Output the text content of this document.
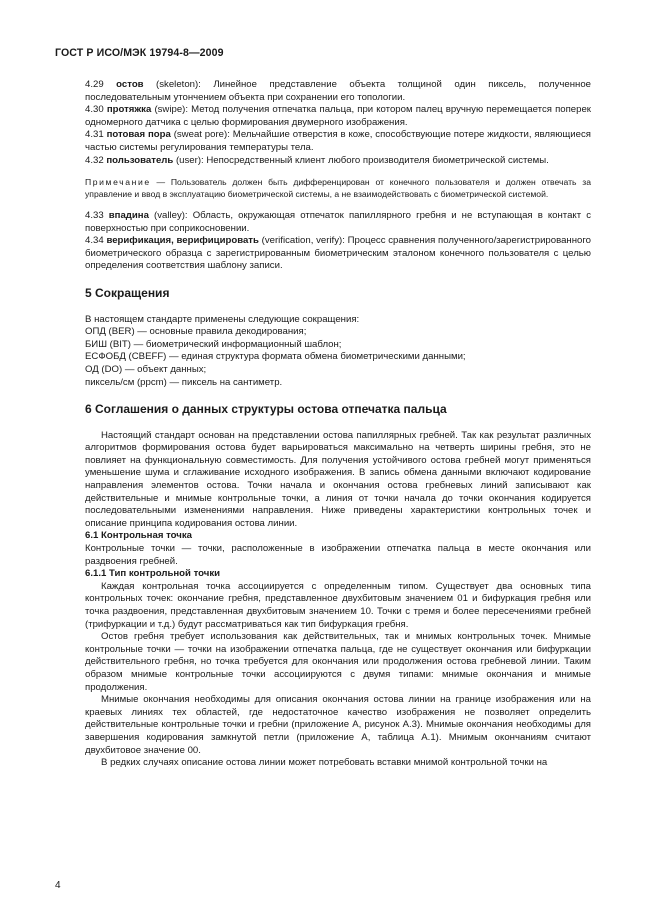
ГОСТ Р ИСО/МЭК 19794-8—2009

4.29 остов (skeleton): Линейное представление объекта толщиной один пиксель, полученное последовательным утончением объекта при сохранении его топологии.

4.30 протяжка (swipe): Метод получения отпечатка пальца, при котором палец вручную перемещается поперек одномерного датчика с целью формирования двумерного изображения.

4.31 потовая пора (sweat pore): Мельчайшие отверстия в коже, способствующие потере жидкости, являющиеся частью системы регулирования температуры тела.

4.32 пользователь (user): Непосредственный клиент любого производителя биометрической системы.

Примечание — Пользователь должен быть дифференцирован от конечного пользователя и должен отвечать за управление и ввод в эксплуатацию биометрической системы, а не взаимодействовать с биометрической системой.

4.33 впадина (valley): Область, окружающая отпечаток папиллярного гребня и не вступающая в контакт с поверхностью при соприкосновении.

4.34 верификация, верифицировать (verification, verify): Процесс сравнения полученного/зарегистрированного биометрического образца с зарегистрированным биометрическим эталоном конечного пользователя с целью определения соответствия шаблону записи.

5 Сокращения

В настоящем стандарте применены следующие сокращения:

ОПД (BER) — основные правила декодирования;

БИШ (BIT) — биометрический информационный шаблон;

ЕСФОБД (CBEFF) — единая структура формата обмена биометрическими данными;

ОД (DO) — объект данных;

пиксель/см (ppcm) — пиксель на сантиметр.

6 Соглашения о данных структуры остова отпечатка пальца

Настоящий стандарт основан на представлении остова папиллярных гребней. Так как результат различных алгоритмов формирования остова будет варьироваться максимально на четверть ширины гребня, это не повлияет на функциональную совместимость. Для получения устойчивого остова гребней могут применяться уменьшение шума и сглаживание исходного изображения. В запись обмена данными включают кодирование направления элементов остова. Точки начала и окончания остова гребневых линий записывают как действительные и мнимые контрольные точки, а линия от точки начала до точки окончания кодируется последовательными изменениями направления. Ниже приведены характеристики контрольных точек и описание принципа кодирования остова линии.

6.1 Контрольная точка

Контрольные точки — точки, расположенные в изображении отпечатка пальца в месте окончания или раздвоения гребней.

6.1.1 Тип контрольной точки

Каждая контрольная точка ассоциируется с определенным типом. Существует два основных типа контрольных точек: окончание гребня, представленное двухбитовым значением 01 и бифуркация гребня или точка раздвоения, представленная двухбитовым значением 10. Точки с тремя и более пересечениями гребней (трифуркации и т.д.) будут рассматриваться как тип бифуркация гребня.

Остов гребня требует использования как действительных, так и мнимых контрольных точек. Мнимые контрольные точки — точки на изображении отпечатка пальца, где не существует окончания или бифуркации действительного гребня, но точка требуется для окончания или продолжения остова гребневой линии. Таким образом мнимые контрольные точки ассоциируются с двумя типами: мнимые окончания и мнимые продолжения.

Мнимые окончания необходимы для описания окончания остова линии на границе изображения или на краевых линиях тех областей, где недостаточное качество изображения не позволяет определить действительные контрольные точки и гребни (приложение А, рисунок А.3). Мнимые окончания необходимы для завершения кодирования замкнутой петли (приложение А, таблица А.1). Мнимым окончаниям считают двухбитовое значение 00.

В редких случаях описание остова линии может потребовать вставки мнимой контрольной точки на

4
